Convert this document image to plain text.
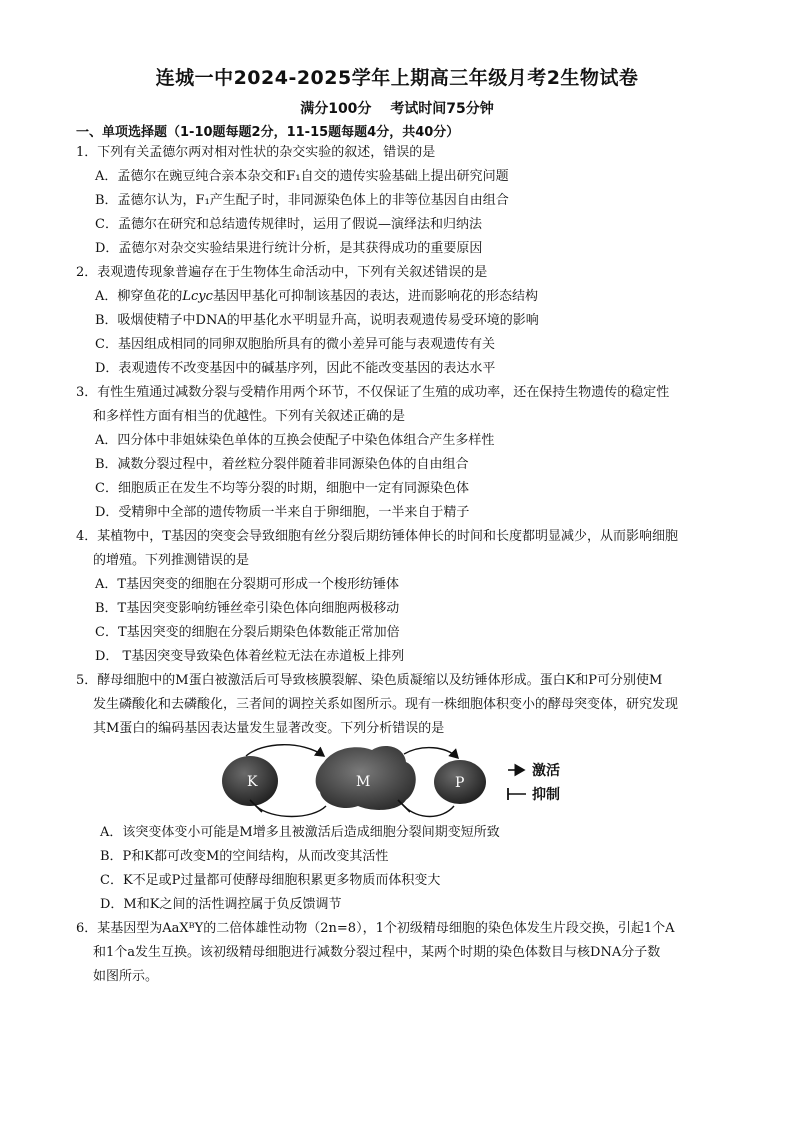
连城一中2024-2025学年上期高三年级月考2生物试卷
满分100分 考试时间75分钟
一、单项选择题（1-10题每题2分，11-15题每题4分，共40分）
1．下列有关孟德尔两对相对性状的杂交实验的叙述，错误的是
A．孟德尔在豌豆纯合亲本杂交和F₁自交的遗传实验基础上提出研究问题
B．孟德尔认为，F₁产生配子时，非同源染色体上的非等位基因自由组合
C．孟德尔在研究和总结遗传规律时，运用了假说—演绎法和归纳法
D．孟德尔对杂交实验结果进行统计分析，是其获得成功的重要原因
2．表观遗传现象普遍存在于生物体生命活动中，下列有关叙述错误的是
A．柳穿鱼花的Lcyc基因甲基化可抑制该基因的表达，进而影响花的形态结构
B．吸烟使精子中DNA的甲基化水平明显升高，说明表观遗传易受环境的影响
C．基因组成相同的同卵双胞胎所具有的微小差异可能与表观遗传有关
D．表观遗传不改变基因中的碱基序列，因此不能改变基因的表达水平
3．有性生殖通过减数分裂与受精作用两个环节，不仅保证了生殖的成功率，还在保持生物遗传的稳定性
和多样性方面有相当的优越性。下列有关叙述正确的是
A．四分体中非姐妹染色单体的互换会使配子中染色体组合产生多样性
B．减数分裂过程中，着丝粒分裂伴随着非同源染色体的自由组合
C．细胞质正在发生不均等分裂的时期，细胞中一定有同源染色体
D．受精卵中全部的遗传物质一半来自于卵细胞，一半来自于精子
4．某植物中，T基因的突变会导致细胞有丝分裂后期纺锤体伸长的时间和长度都明显减少，从而影响细胞
的增殖。下列推测错误的是
A．T基因突变的细胞在分裂期可形成一个梭形纺锤体
B．T基因突变影响纺锤丝牵引染色体向细胞两极移动
C．T基因突变的细胞在分裂后期染色体数能正常加倍
D． T基因突变导致染色体着丝粒无法在赤道板上排列
5．酵母细胞中的M蛋白被激活后可导致核膜裂解、染色质凝缩以及纺锤体形成。蛋白K和P可分别使M
发生磷酸化和去磷酸化，三者间的调控关系如图所示。现有一株细胞体积变小的酵母突变体，研究发现
其M蛋白的编码基因表达量发生显著改变。下列分析错误的是
K	M	P
激活
抑制
A．该突变体变小可能是M增多且被激活后造成细胞分裂间期变短所致
B．P和K都可改变M的空间结构，从而改变其活性
C．K不足或P过量都可使酵母细胞积累更多物质而体积变大
D．M和K之间的活性调控属于负反馈调节
6．某基因型为AaXᴮY的二倍体雄性动物（2n=8），1个初级精母细胞的染色体发生片段交换，引起1个A
和1个a发生互换。该初级精母细胞进行减数分裂过程中，某两个时期的染色体数目与核DNA分子数
如图所示。
